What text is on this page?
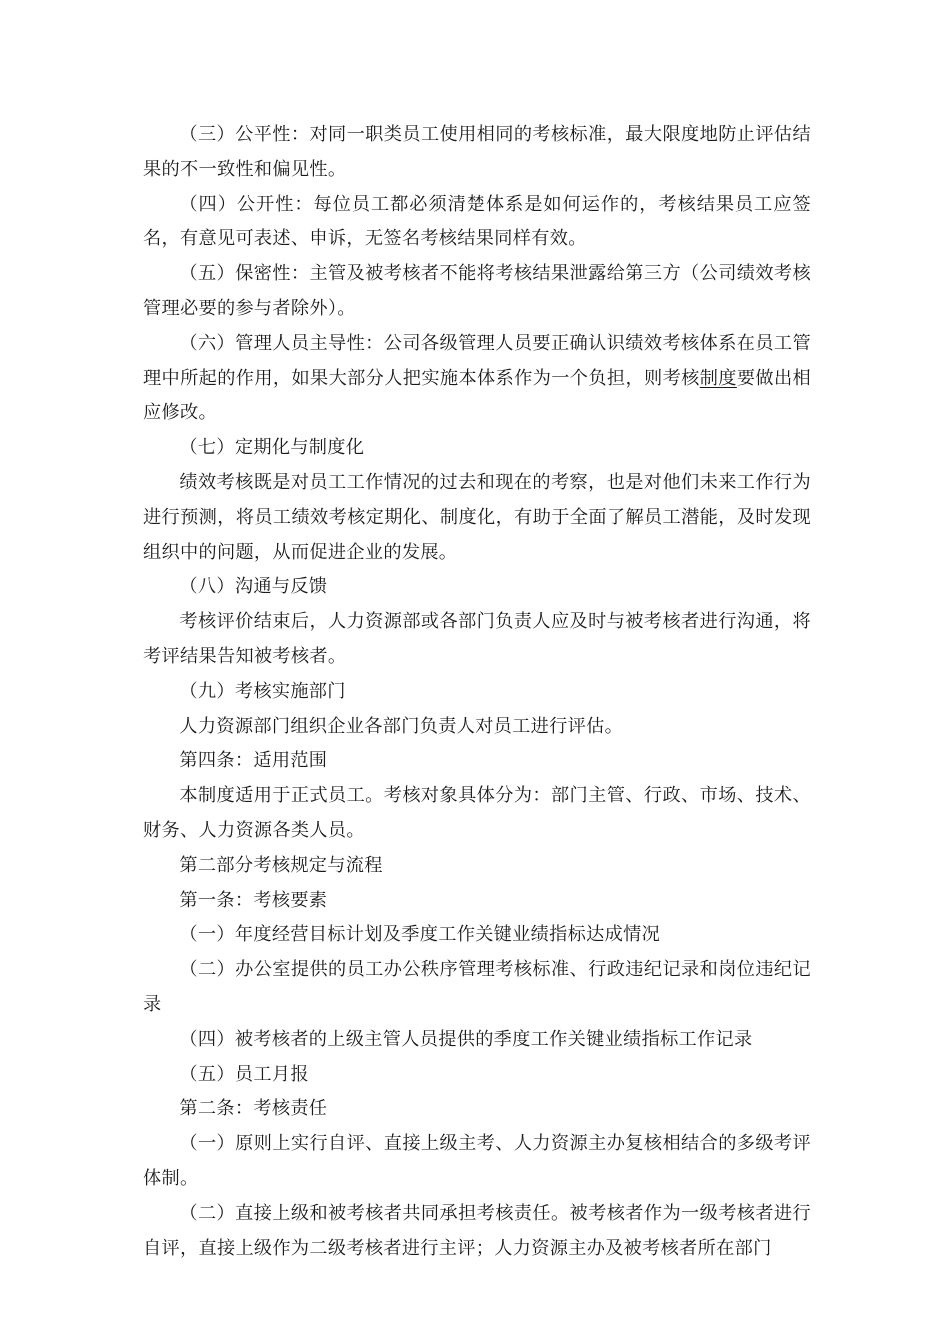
（三）公平性：对同一职类员工使用相同的考核标准，最大限度地防止评估结果的不一致性和偏见性。

（四）公开性：每位员工都必须清楚体系是如何运作的，考核结果员工应签名，有意见可表述、申诉，无签名考核结果同样有效。

（五）保密性：主管及被考核者不能将考核结果泄露给第三方（公司绩效考核管理必要的参与者除外）。

（六）管理人员主导性：公司各级管理人员要正确认识绩效考核体系在员工管理中所起的作用，如果大部分人把实施本体系作为一个负担，则考核制度要做出相应修改。

（七）定期化与制度化

绩效考核既是对员工工作情况的过去和现在的考察，也是对他们未来工作行为进行预测，将员工绩效考核定期化、制度化，有助于全面了解员工潜能，及时发现组织中的问题，从而促进企业的发展。

（八）沟通与反馈

考核评价结束后，人力资源部或各部门负责人应及时与被考核者进行沟通，将考评结果告知被考核者。

（九）考核实施部门

人力资源部门组织企业各部门负责人对员工进行评估。

第四条：适用范围

本制度适用于正式员工。考核对象具体分为：部门主管、行政、市场、技术、财务、人力资源各类人员。

第二部分考核规定与流程

第一条：考核要素

（一）年度经营目标计划及季度工作关键业绩指标达成情况

（二）办公室提供的员工办公秩序管理考核标准、行政违纪记录和岗位违纪记录

（四）被考核者的上级主管人员提供的季度工作关键业绩指标工作记录

（五）员工月报

第二条：考核责任

（一）原则上实行自评、直接上级主考、人力资源主办复核相结合的多级考评体制。

（二）直接上级和被考核者共同承担考核责任。被考核者作为一级考核者进行自评，直接上级作为二级考核者进行主评；人力资源主办及被考核者所在部门
